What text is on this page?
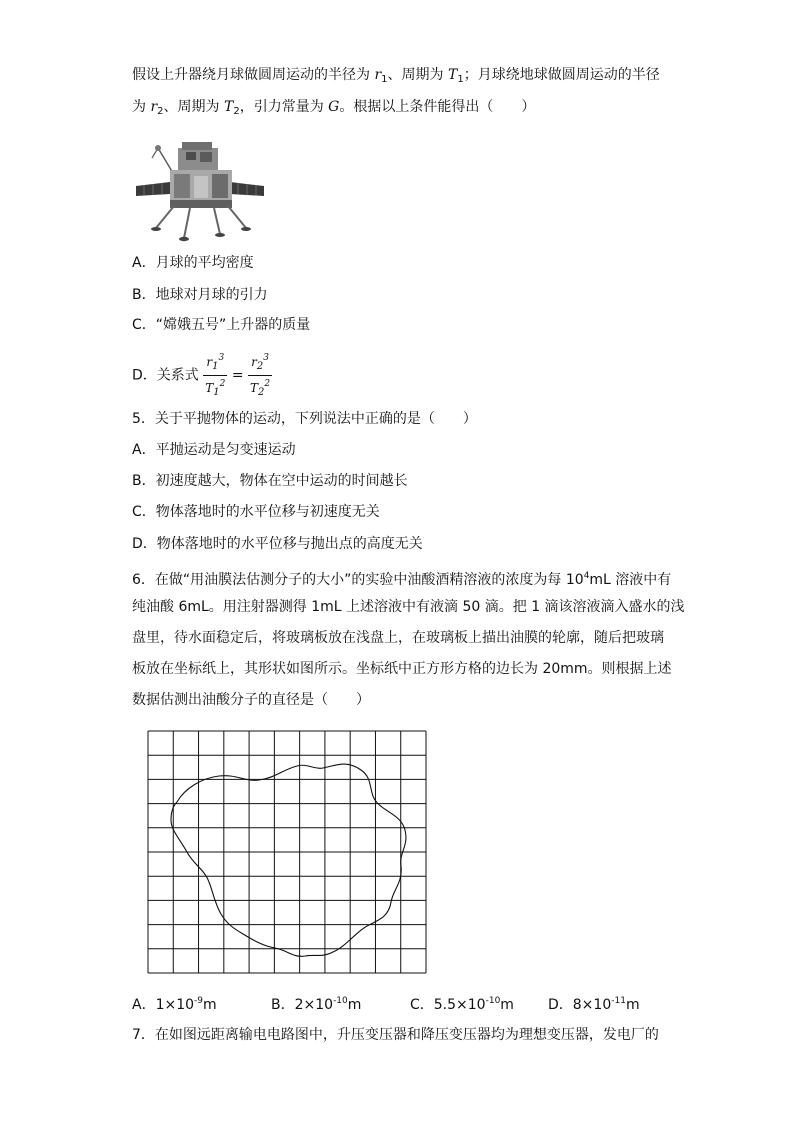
假设上升器绕月球做圆周运动的半径为 $r_1$、周期为 $T_1$；月球绕地球做圆周运动的半径
为 $r_2$、周期为 $T_2$，引力常量为 G。根据以上条件能得出（　　）
A．月球的平均密度
B．地球对月球的引力
C．“嫦娥五号”上升器的质量
D．关系式 $\frac{r_1^3}{T_1^2} = \frac{r_2^3}{T_2^2}$
5．关于平抛物体的运动，下列说法中正确的是（　　）
A．平抛运动是匀变速运动
B．初速度越大，物体在空中运动的时间越长
C．物体落地时的水平位移与初速度无关
D．物体落地时的水平位移与抛出点的高度无关
6．在做“用油膜法估测分子的大小”的实验中油酸酒精溶液的浓度为每 $10^4mL$ 溶液中有
纯油酸 6mL。用注射器测得 1mL 上述溶液中有液滴 50 滴。把 1 滴该溶液滴入盛水的浅
盘里，待水面稳定后，将玻璃板放在浅盘上，在玻璃板上描出油膜的轮廓，随后把玻璃
板放在坐标纸上，其形状如图所示。坐标纸中正方形方格的边长为 20mm。则根据上述
数据估测出油酸分子的直径是（　　）
A．$1\times 10^{-9}m$	B．$2\times 10^{-10}m$	C．$5.5\times 10^{-10}m$ D．$8\times 10^{-11}m$
7．在如图远距离输电电路图中，升压变压器和降压变压器均为理想变压器，发电厂的
